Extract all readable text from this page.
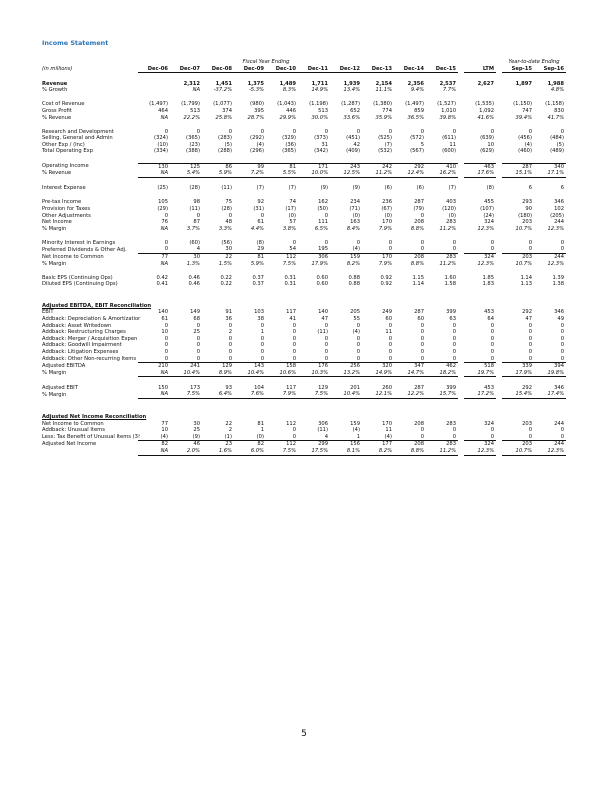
Income Statement
				Fiscal Year Ending										Year-to-date Ending	
(in millions)	Dec-06	Dec-07	Dec-08	Dec-09	Dec-10	Dec-11	Dec-12	Dec-13	Dec-14	Dec-15		LTM		Sep-15	Sep-16

Revenue		2,312	1,451	1,375	1,489	1,711	1,939	2,154	2,356	2,537		2,627		1,897	1,988
% Growth		NA	-37.2%	-5.3%	8.3%	14.9%	13.4%	11.1%	9.4%	7.7%					4.8%

Cost of Revenue	(1,497)	(1,799)	(1,077)	(980)	(1,043)	(1,198)	(1,287)	(1,380)	(1,497)	(1,527)		(1,535)		(1,150)	(1,158)
Gross Profit	464	513	374	395	446	513	652	774	859	1,010		1,092		747	830
% Revenue	NA	22.2%	25.8%	28.7%	29.9%	30.0%	33.6%	35.9%	36.5%	39.8%		41.6%		39.4%	41.7%

Research and Development	0	0	0	0	0	0	0	0	0	0		0		0	0
Selling, General and Admin	(324)	(365)	(283)	(292)	(329)	(373)	(451)	(525)	(572)	(611)		(639)		(456)	(484)
Other Exp / (Inc)	(10)	(23)	(5)	(4)	(36)	31	42	(7)	5	11		10		(4)	(5)
Total Operating Exp	(334)	(388)	(288)	(296)	(365)	(342)	(409)	(532)	(567)	(600)		(629)		(460)	(489)

Operating Income	130	125	86	99	81	171	243	242	292	410		463		287	340
% Revenue	NA	5.4%	5.9%	7.2%	5.5%	10.0%	12.5%	11.2%	12.4%	16.2%		17.6%		15.1%	17.1%

Interest Expense	(25)	(28)	(11)	(7)	(7)	(9)	(9)	(6)	(6)	(7)		(8)		6	6

Pre-tax Income	105	98	75	92	74	162	234	236	287	403		455		293	346
Provision for Taxes	(29)	(11)	(28)	(31)	(17)	(50)	(71)	(67)	(79)	(120)		(107)		90	102
Other Adjustments	0	0	0	0	(0)	0	(0)	(0)	0	(0)		(24)		(180)	(205)
Net Income	76	87	48	61	57	111	163	170	208	283		324		203	244
% Margin	NA	3.7%	3.3%	4.4%	3.8%	6.5%	8.4%	7.9%	8.8%	11.2%		12.3%		10.7%	12.3%

Minority Interest in Earnings	0	(60)	(56)	(8)	0	0	0	0	0	0		0		0	0
Preferred Dividends & Other Adj.	0	4	30	29	54	195	(4)	0	0	0		0		0	0
Net Income to Common	77	30	22	81	112	306	159	170	208	283		324		203	244
% Margin	NA	1.3%	1.5%	5.9%	7.5%	17.9%	8.2%	7.9%	8.8%	11.2%		12.3%		10.7%	12.3%

Basic EPS (Continuing Ops)	0.42	0.46	0.22	0.37	0.31	0.60	0.88	0.92	1.15	1.60		1.85		1.14	1.39
Diluted EPS (Continuing Ops)	0.41	0.46	0.22	0.37	0.31	0.60	0.88	0.92	1.14	1.58		1.83		1.13	1.38

Adjusted EBITDA, EBIT Reconciliation															
EBIT	140	149	91	103	117	140	205	249	287	399		453		292	346
Addback: Depreciation & Amortizatior	61	68	36	38	41	47	55	60	60	63		64		47	49
Addback: Asset Writedown	0	0	0	0	0	0	0	0	0	0		0		0	0
Addback: Restructuring Charges	10	25	2	1	0	(11)	(4)	11	0	0		0		0	0
Addback: Merger / Acquisition Expen	0	0	0	0	0	0	0	0	0	0		0		0	0
Addback: Goodwill Impairment	0	0	0	0	0	0	0	0	0	0		0		0	0
Addback: Litigation Expenses	0	0	0	0	0	0	0	0	0	0		0		0	0
Addback: Other Non-recurring Items	0	0	0	0	0	0	0	0	0	0		0		0	0
Adjusted EBITDA	210	241	129	143	158	176	256	320	347	462		518		339	394
% Margin	NA	10.4%	8.9%	10.4%	10.6%	10.3%	13.2%	14.9%	14.7%	18.2%		19.7%		17.9%	19.8%

Adjusted EBIT	150	173	93	104	117	129	201	260	287	399		453		292	346
% Margin	NA	7.5%	6.4%	7.6%	7.9%	7.5%	10.4%	12.1%	12.2%	15.7%		17.2%		15.4%	17.4%

Adjusted Net Income Reconciliation															
Net Income to Common	77	30	22	81	112	306	159	170	208	283		324		203	244
Addback: Unusual Items	10	25	2	1	0	(11)	(4)	11	0	0		0		0	0
Less: Tax Benefit of Unusual Items (3!	(4)	(9)	(1)	(0)	0	4	1	(4)	0	0		0		0	0
Adjusted Net Income	82	46	23	82	112	299	156	177	208	283		324		203	244
	NA	2.0%	1.6%	6.0%	7.5%	17.5%	8.1%	8.2%	8.8%	11.2%		12.3%		10.7%	12.3%
5
